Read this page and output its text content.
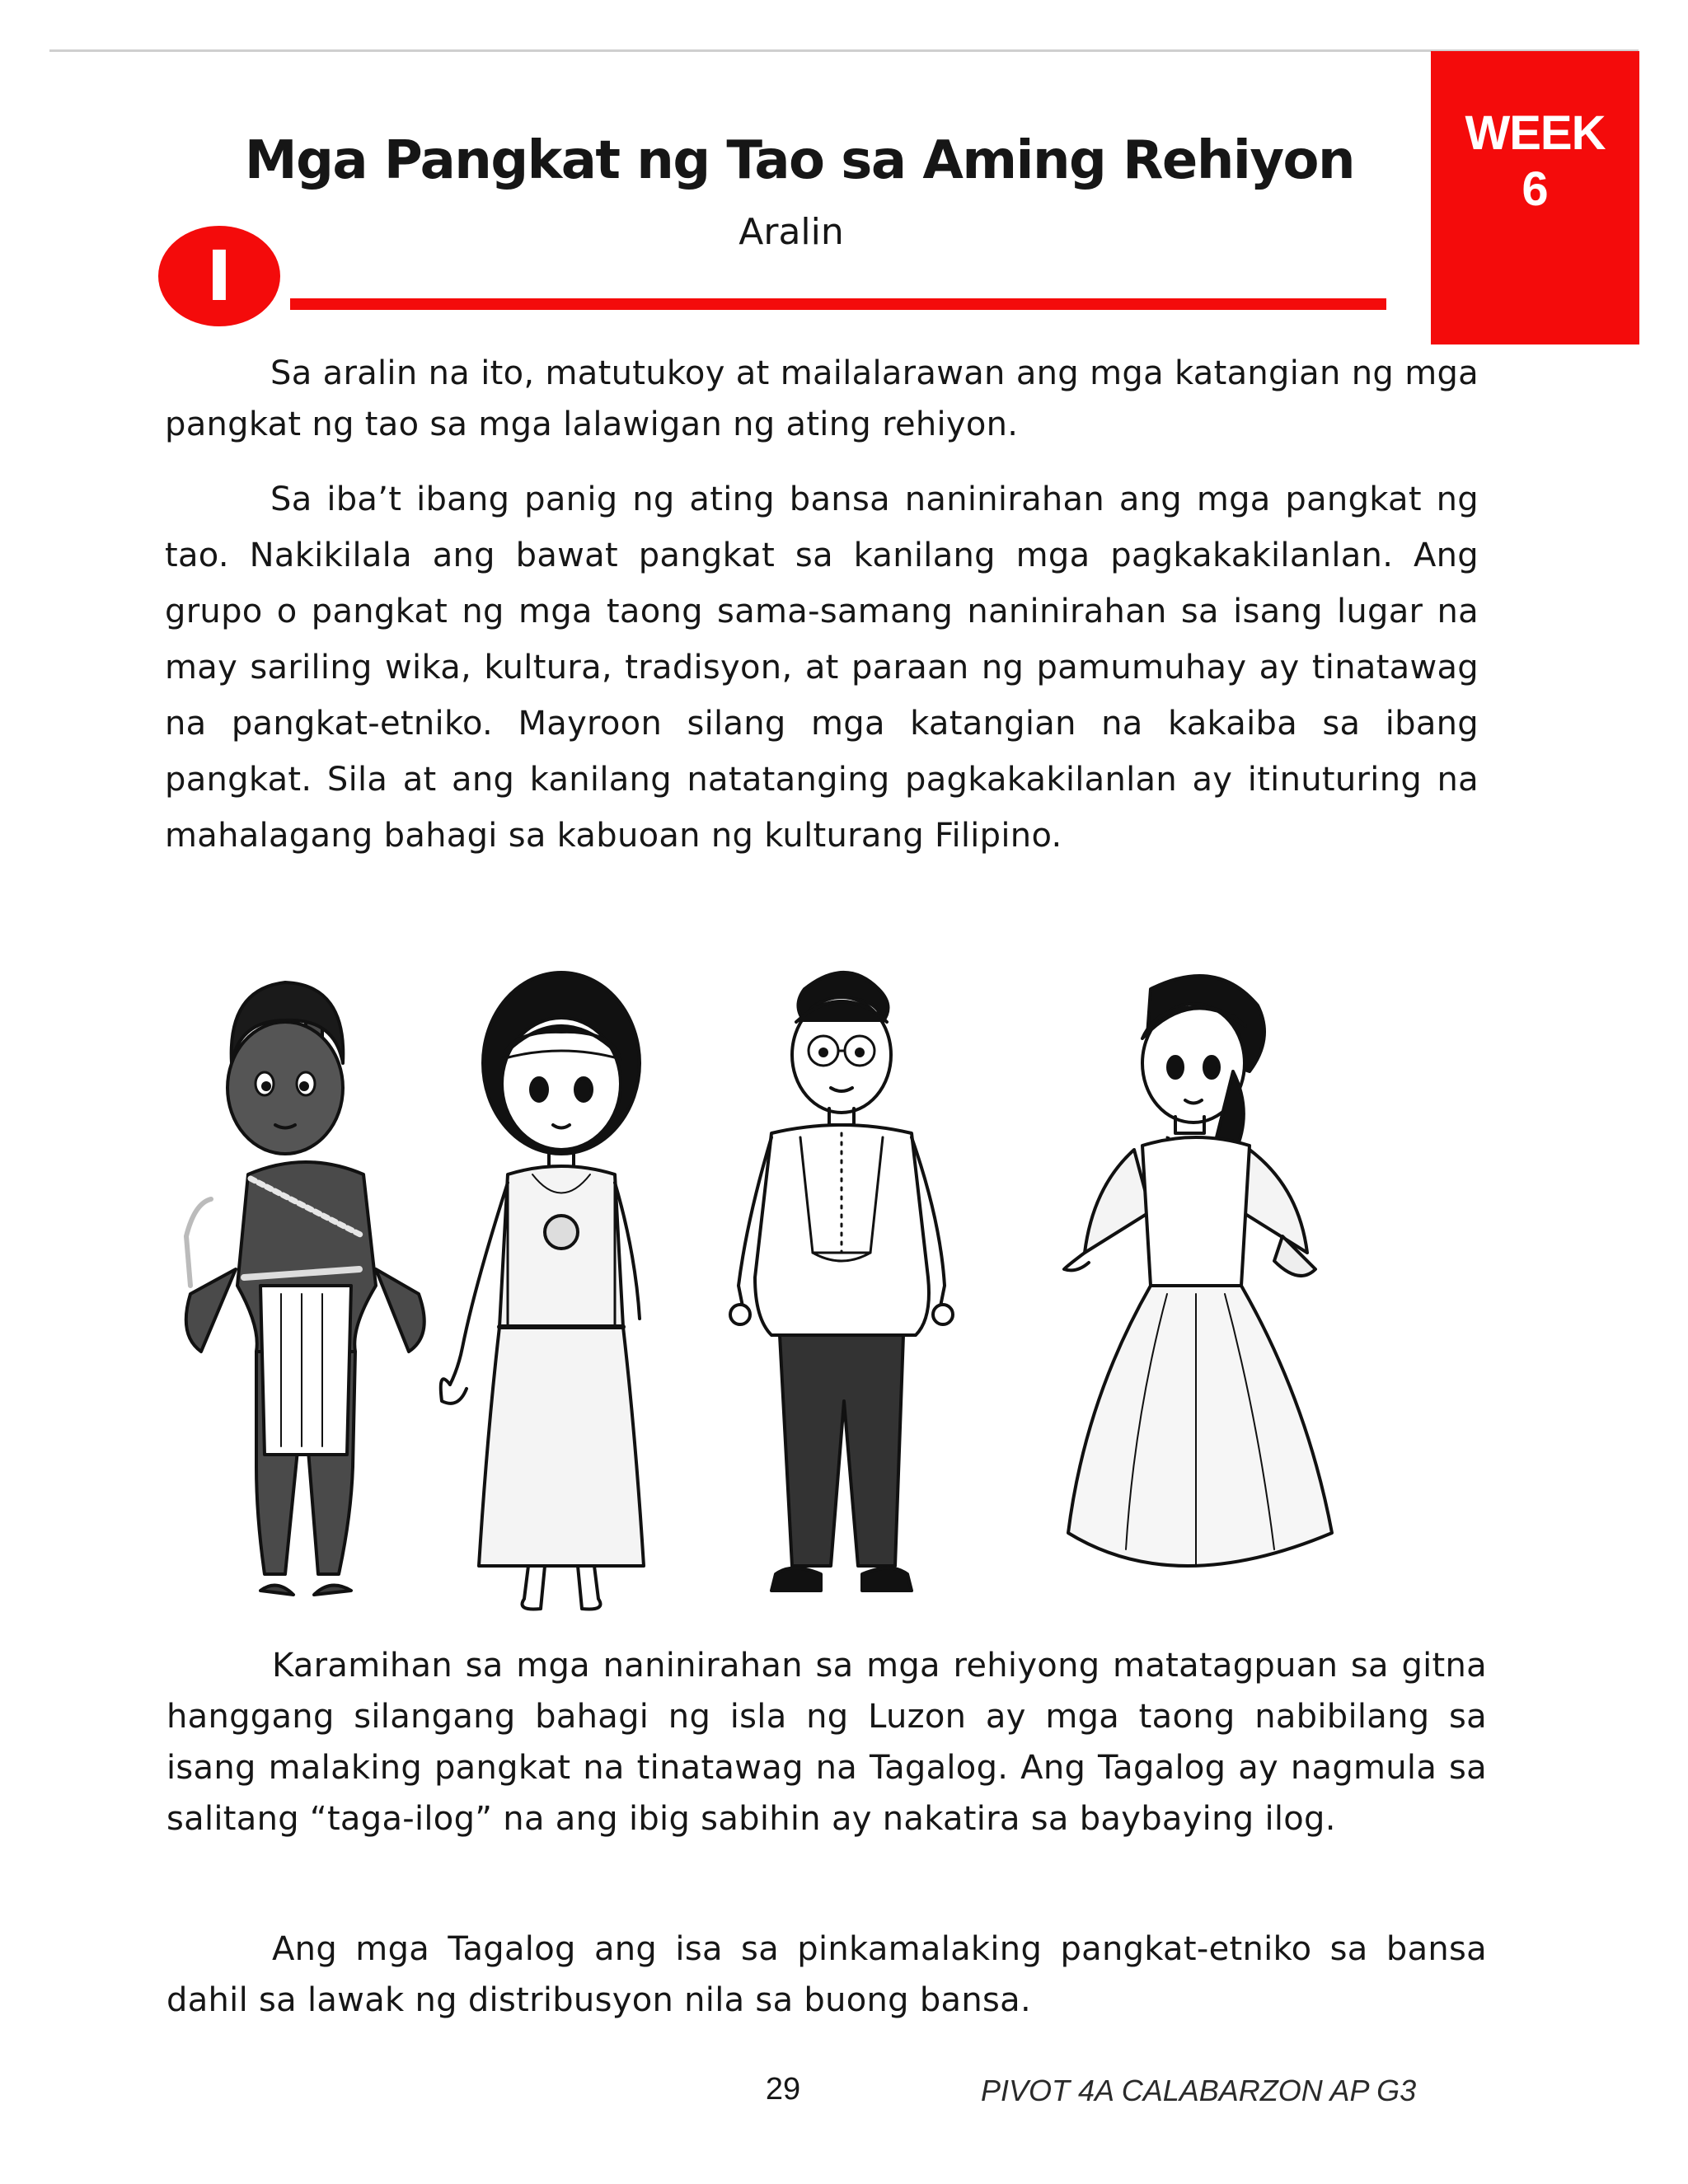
WEEK
6
Mga Pangkat ng Tao sa Aming Rehiyon
Aralin
I

Sa aralin na ito, matutukoy at mailalarawan ang mga katangian ng mga pangkat ng tao sa mga lalawigan ng ating rehiyon.

Sa iba’t ibang panig ng ating bansa naninirahan ang mga pangkat ng tao. Nakikilala ang bawat pangkat sa kanilang mga pagkakakilanlan. Ang grupo o pangkat ng mga taong sama-samang naninirahan sa isang lugar na may sariling wika, kultura, tradisyon, at paraan ng pamumuhay ay tinatawag na pangkat-etniko. Mayroon silang mga katangian na kakaiba sa ibang pangkat. Sila at ang kanilang natatanging pagkakakilanlan ay itinuturing na mahalagang bahagi sa kabuoan ng kulturang Filipino.

Karamihan sa mga naninirahan sa mga rehiyong matatagpuan sa gitna hanggang silangang bahagi ng isla ng Luzon ay mga taong nabibilang sa isang malaking pangkat na tinatawag na Tagalog. Ang Tagalog ay nagmula sa salitang “taga-ilog” na ang ibig sabihin ay nakatira sa baybaying ilog.

Ang mga Tagalog ang isa sa pinkamalaking pangkat-etniko sa bansa dahil sa lawak ng distribusyon nila sa buong bansa.

29	PIVOT 4A CALABARZON AP G3
